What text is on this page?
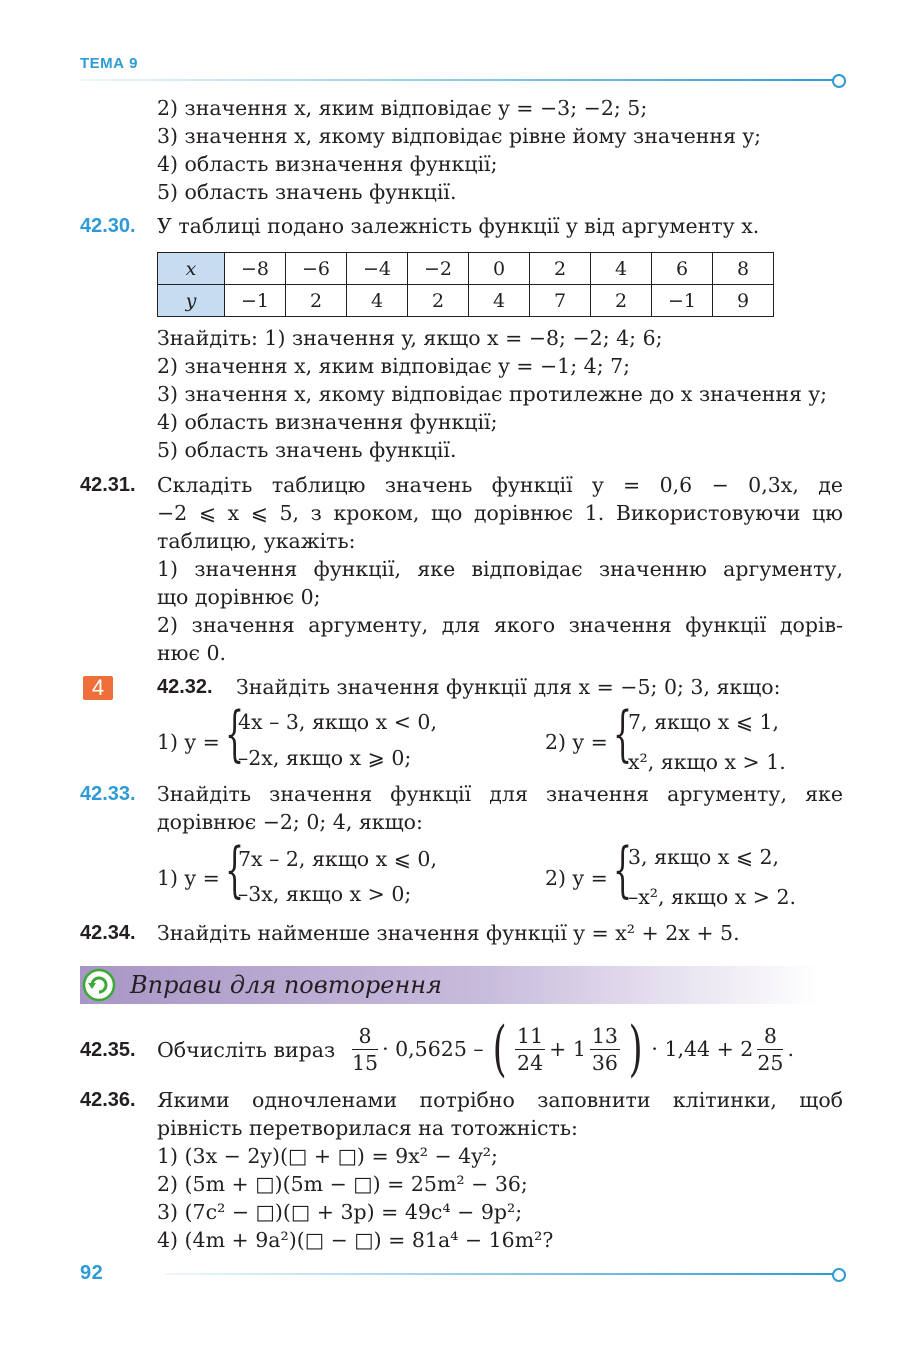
ТЕМА 9
2) значення x, яким відповідає y = −3; −2; 5;
3) значення x, якому відповідає рівне йому значення y;
4) область визначення функції;
5) область значень функції.
42.30. У таблиці подано залежність функції y від аргументу x.
x	−8	−6	−4	−2	0	2	4	6	8
y	−1	2	4	2	4	7	2	−1	9
Знайдіть: 1) значення y, якщо x = −8; −2; 4; 6;
2) значення x, яким відповідає y = −1; 4; 7;
3) значення x, якому відповідає протилежне до x значення y;
4) область визначення функції;
5) область значень функції.
42.31. Складіть таблицю значень функції y = 0,6 − 0,3x, де
−2 ⩽ x ⩽ 5, з кроком, що дорівнює 1. Використовуючи цю
таблицю, укажіть:
1) значення функції, яке відповідає значенню аргументу,
що дорівнює 0;
2) значення аргументу, для якого значення функції дорів-
нює 0.
4	42.32. Знайдіть значення функції для x = −5; 0; 3, якщо:
1) y = {
4x – 3, якщо x < 0,
–2x, якщо x ⩾ 0;
2) y = {
7, якщо x ⩽ 1,
x², якщо x > 1.
42.33. Знайдіть значення функції для значення аргументу, яке
дорівнює −2; 0; 4, якщо:
1) y = {
7x – 2, якщо x ⩽ 0,
–3x, якщо x > 0;
2) y = {
3, якщо x ⩽ 2,
–x², якщо x > 2.
42.34. Знайдіть найменше значення функції y = x² + 2x + 5.
Вправи для повторення
42.35. Обчисліть вираз $\frac{8}{15} \cdot 0,5625$ – ( $\frac{11}{24} + 1 \frac{13}{36}$ ) · $1,44 + 2 \frac{8}{25}$ .
42.36. Якими одночленами потрібно заповнити клітинки, щоб
рівність перетворилася на тотожність:
1) (3x − 2y)(□ + □) = 9x² − 4y²;
2) (5m + □)(5m − □) = 25m² − 36;
3) (7c² − □)(□ + 3p) = 49c⁴ − 9p²;
4) (4m + 9a²)(□ − □) = 81a⁴ − 16m²?
92
